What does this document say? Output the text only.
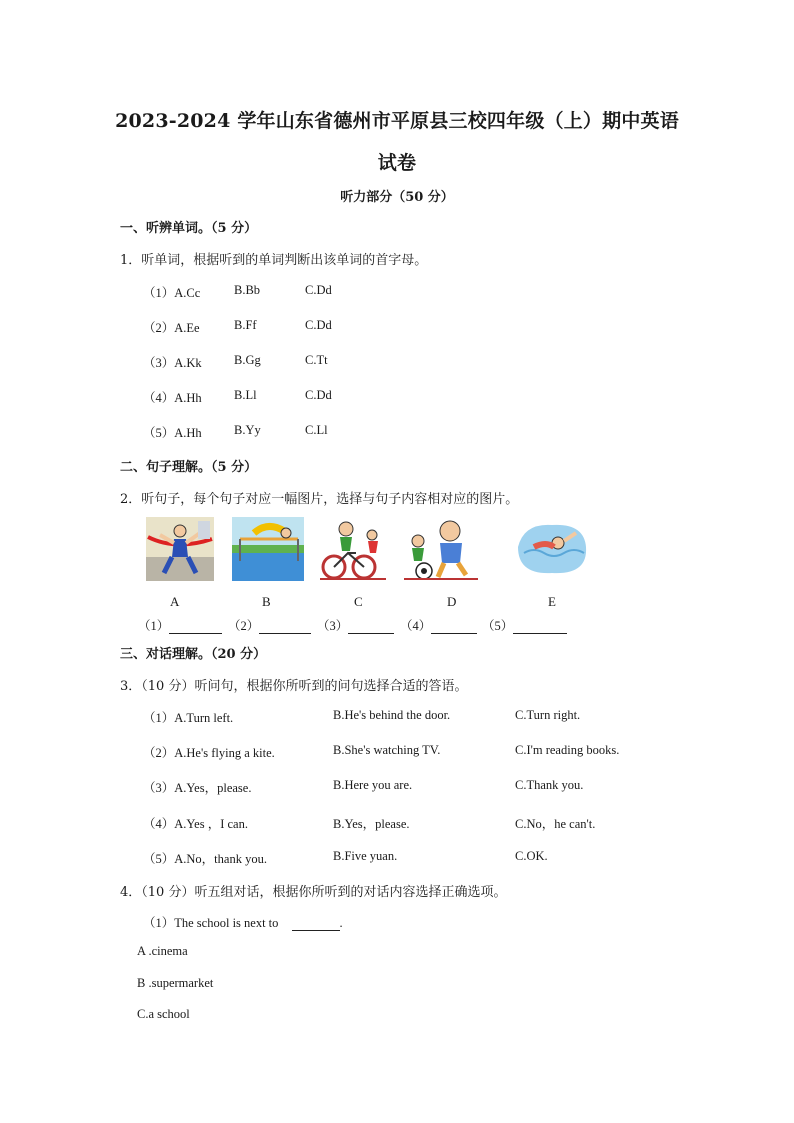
2023-2024 学年山东省德州市平原县三校四年级（上）期中英语
试卷
听力部分（50 分）
一、听辨单词。（5 分）
1．听单词，根据听到的单词判断出该单词的首字母。
（1）A.Cc	B.Bb	C.Dd
（2）A.Ee	B.Ff	C.Dd
（3）A.Kk	B.Gg	C.Tt
（4）A.Hh	B.Ll	C.Dd
（5）A.Hh	B.Yy	C.Ll
二、句子理解。（5 分）
2．听句子，每个句子对应一幅图片，选择与句子内容相对应的图片。
A	B	C	D	E
（1）	（2）	（3）	（4）	（5）
三、对话理解。（20 分）
3．（10 分）听问句，根据你所听到的问句选择合适的答语。
（1）A.Turn left.	B.He's behind the door.	C.Turn right.
（2）A.He's flying a kite.	B.She's watching TV.	C.I'm reading books.
（3）A.Yes，please.	B.Here you are.	C.Thank you.
（4）A.Yes ，I can.	B.Yes，please.	C.No，he can't.
（5）A.No，thank you.	B.Five yuan.	C.OK.
4．（10 分）听五组对话，根据你所听到的对话内容选择正确选项。
（1）The school is next to	.
A .cinema
B .supermarket
C.a school
